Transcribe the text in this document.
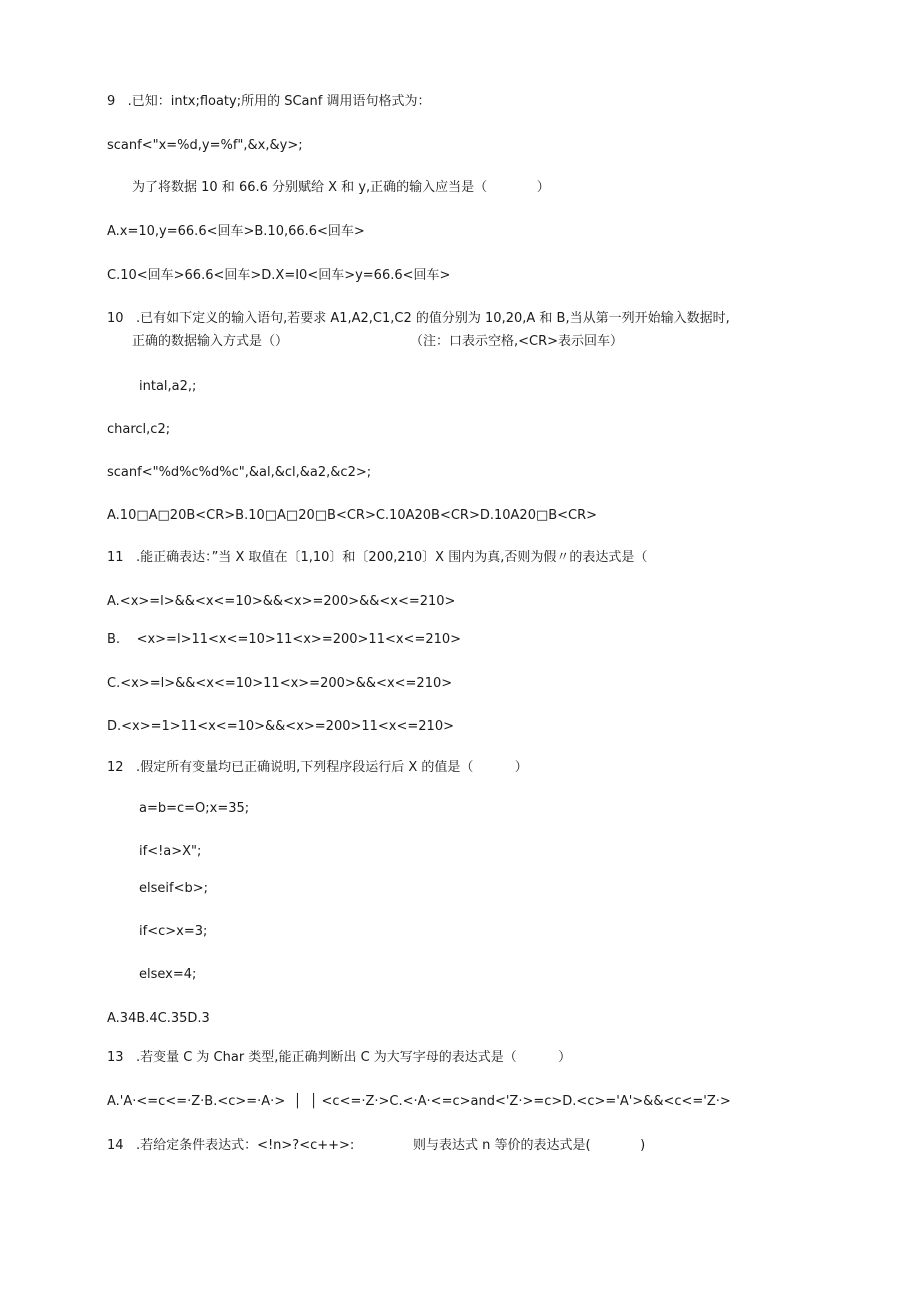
9   .已知：intx;floaty;所用的 SCanf 调用语句格式为：
scanf<"x=%d,y=%f",&x,&y>;
为了将数据 10 和 66.6 分别赋给 X 和 y,正确的输入应当是（            ）
A.x=10,y=66.6<回车>B.10,66.6<回车>
C.10<回车>66.6<回车>D.X=I0<回车>y=66.6<回车>
10   .已有如下定义的输入语句,若要求 A1,A2,C1,C2 的值分别为 10,20,A 和 B,当从第一列开始输入数据时,
正确的数据输入方式是（）	（注：口表示空格,<CR>表示回车）
intal,a2,;
charcl,c2;
scanf<"%d%c%d%c",&al,&cl,&a2,&c2>;
A.10□A□20B<CR>B.10□A□20□B<CR>C.10A20B<CR>D.10A20□B<CR>
11   .能正确表达：”当 X 取值在〔1,10〕和〔200,210〕X 围内为真,否则为假〃的表达式是（
A.<x>=l>&&<x<=10>&&<x>=200>&&<x<=210>
B.    <x>=l>11<x<=10>11<x>=200>11<x<=210>
C.<x>=l>&&<x<=10>11<x>=200>&&<x<=210>
D.<x>=1>11<x<=10>&&<x>=200>11<x<=210>
12   .假定所有变量均已正确说明,下列程序段运行后 X 的值是（          ）
a=b=c=O;x=35;
if<!a>X";
elseif<b>;
if<c>x=3;
elsex=4;
A.34B.4C.35D.3
13   .若变量 C 为 Char 类型,能正确判断出 C 为大写字母的表达式是（          ）
A.'A·<=c<=·Z·B.<c>=·A·>  │  │ <c<=·Z·>C.<·A·<=c>and<'Z·>=c>D.<c>='A'>&&<c<='Z·>
14   .若给定条件表达式：<!n>?<c++>:	则与表达式 n 等价的表达式是(            )
